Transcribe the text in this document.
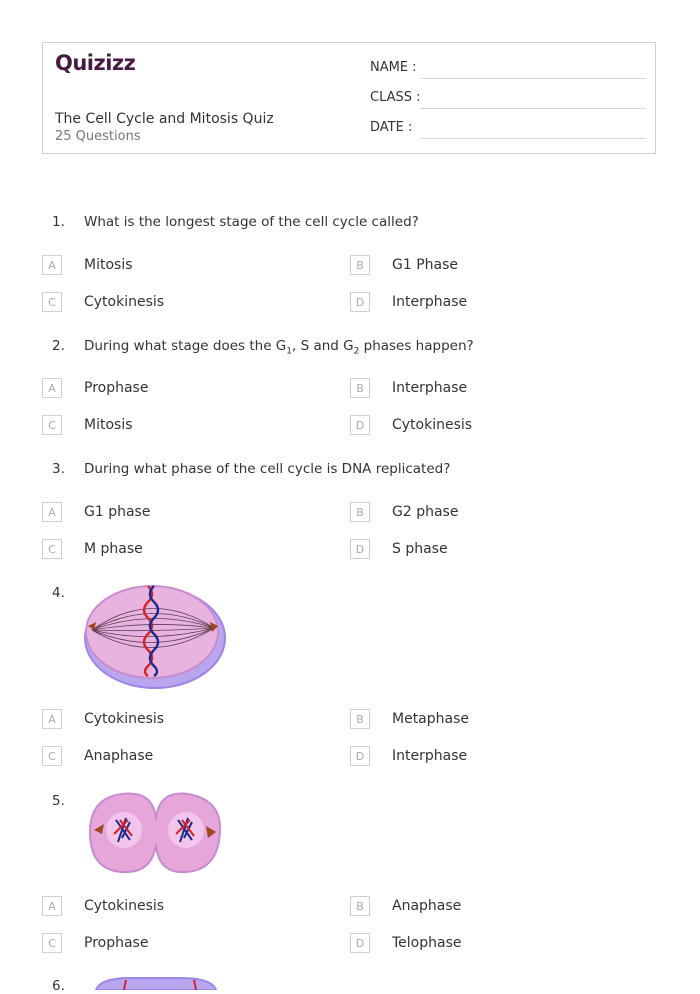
Quizizz
The Cell Cycle and Mitosis Quiz
25 Questions
NAME :
CLASS :
DATE :
1.	What is the longest stage of the cell cycle called?
A	Mitosis	B	G1 Phase
C	Cytokinesis	D	Interphase
2.	During what stage does the $G_1$, S and $G_2$ phases happen?
A	Prophase	B	Interphase
C	Mitosis	D	Cytokinesis
3.	During what phase of the cell cycle is DNA replicated?
A	G1 phase	B	G2 phase
C	M phase	D	S phase
4.
A	Cytokinesis	B	Metaphase
C	Anaphase	D	Interphase
5.
A	Cytokinesis	B	Anaphase
C	Prophase	D	Telophase
6.
